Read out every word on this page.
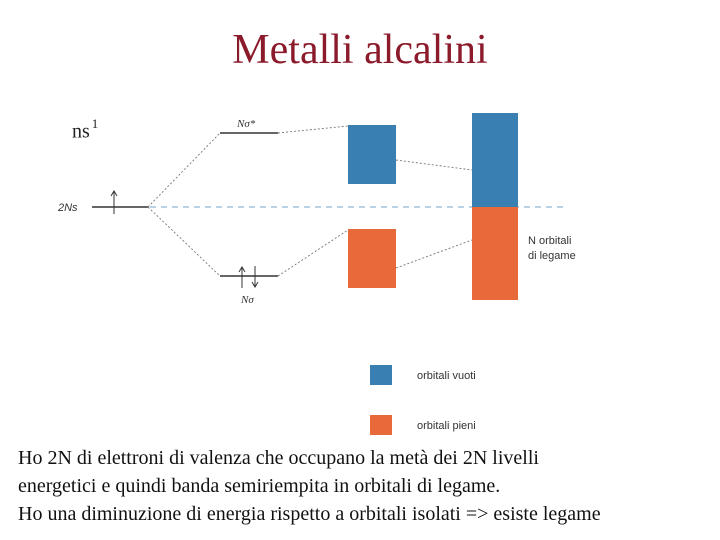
Metalli alcalini
ns $^1$
2Ns
Nσ*
Nσ
N orbitali
di legame
orbitali vuoti
orbitali pieni
Ho 2N di elettroni di valenza che occupano la metà dei 2N livelli
energetici e quindi banda semiriempita in orbitali di legame.
Ho una diminuzione di energia rispetto a orbitali isolati => esiste legame
